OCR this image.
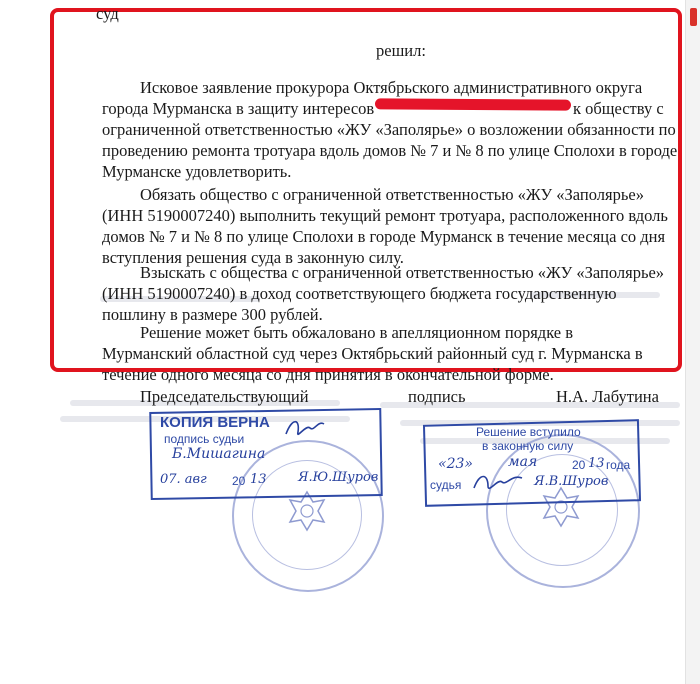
суд
решил:
Исковое заявление прокурора Октябрьского административного округа
города Мурманска в защиту интересов	к обществу с
ограниченной ответственностью «ЖУ «Заполярье» о возложении обязанности по
проведению ремонта тротуара вдоль домов № 7 и № 8 по улице Сполохи в городе
Мурманске удовлетворить.
Обязать общество с ограниченной ответственностью «ЖУ «Заполярье»
(ИНН 5190007240) выполнить текущий ремонт тротуара, расположенного вдоль
домов № 7 и № 8 по улице Сполохи в городе Мурманск в течение месяца со дня
вступления решения суда в законную силу.
Взыскать с общества с ограниченной ответственностью «ЖУ «Заполярье»
(ИНН 5190007240) в доход соответствующего бюджета государственную
пошлину в размере 300 рублей.
Решение может быть обжаловано в апелляционном порядке в
Мурманский областной суд через Октябрьский районный суд г. Мурманска в
течение одного месяца со дня принятия в окончательной форме.
Председательствующий	подпись	Н.А. Лабутина
КОПИЯ ВЕРНА
подпись судьи
Б.Мишагина
07. авг 20 13 Я.Ю.Шуров
Решение вступило
в законную силу
«23»	мая	20 13 года
судья	Я.В.Шуров
